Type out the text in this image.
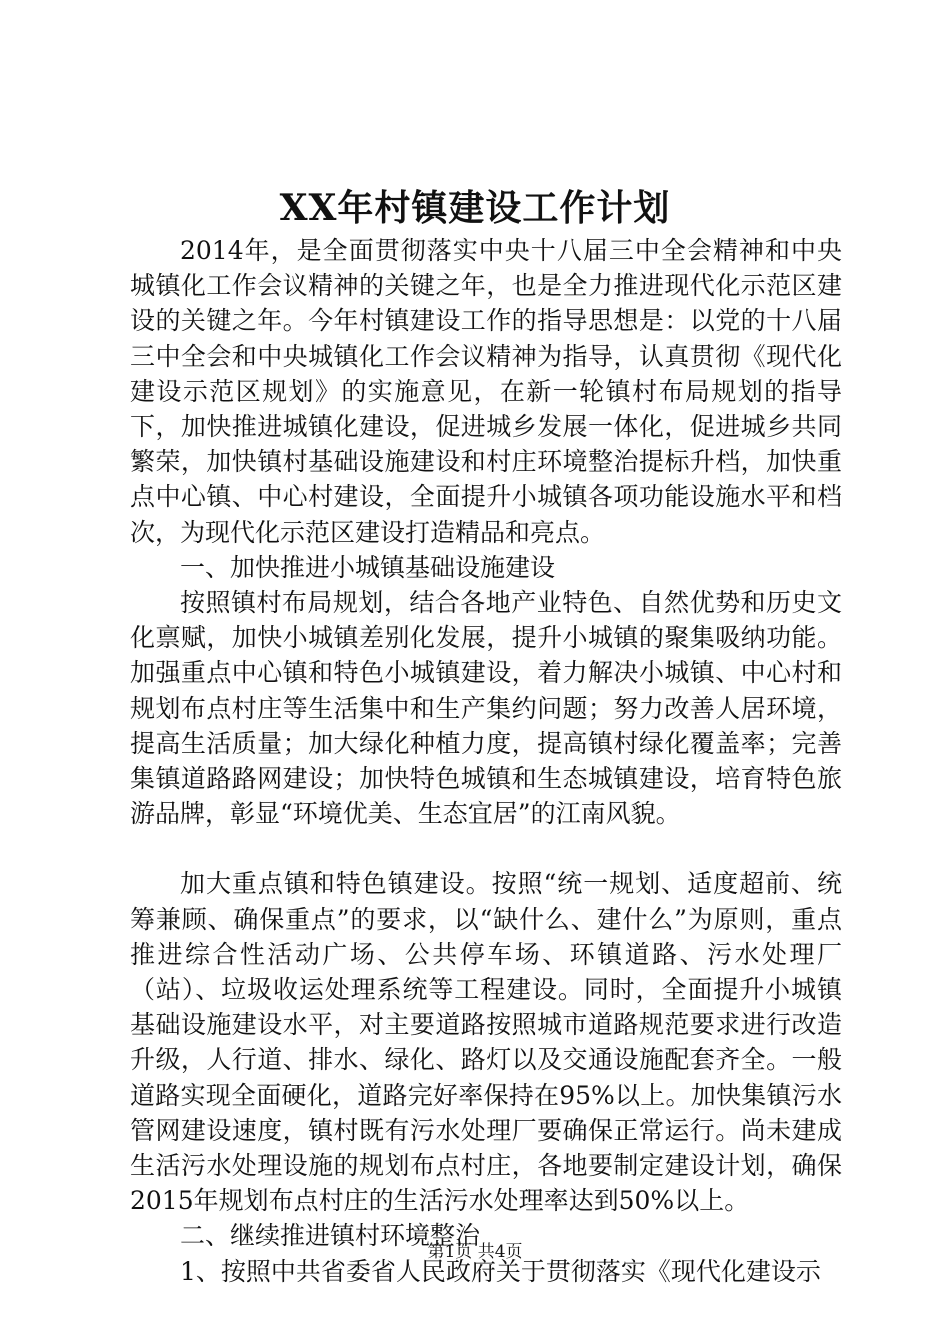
XX年村镇建设工作计划

2014年，是全面贯彻落实中央十八届三中全会精神和中央城镇化工作会议精神的关键之年，也是全力推进现代化示范区建设的关键之年。今年村镇建设工作的指导思想是：以党的十八届三中全会和中央城镇化工作会议精神为指导，认真贯彻《现代化建设示范区规划》的实施意见，在新一轮镇村布局规划的指导下，加快推进城镇化建设，促进城乡发展一体化，促进城乡共同繁荣，加快镇村基础设施建设和村庄环境整治提标升档，加快重点中心镇、中心村建设，全面提升小城镇各项功能设施水平和档次，为现代化示范区建设打造精品和亮点。

一、加快推进小城镇基础设施建设

按照镇村布局规划，结合各地产业特色、自然优势和历史文化禀赋，加快小城镇差别化发展，提升小城镇的聚集吸纳功能。加强重点中心镇和特色小城镇建设，着力解决小城镇、中心村和规划布点村庄等生活集中和生产集约问题；努力改善人居环境，提高生活质量；加大绿化种植力度，提高镇村绿化覆盖率；完善集镇道路路网建设；加快特色城镇和生态城镇建设，培育特色旅游品牌，彰显“环境优美、生态宜居”的江南风貌。

加大重点镇和特色镇建设。按照“统一规划、适度超前、统筹兼顾、确保重点”的要求，以“缺什么、建什么”为原则，重点推进综合性活动广场、公共停车场、环镇道路、污水处理厂（站）、垃圾收运处理系统等工程建设。同时，全面提升小城镇基础设施建设水平，对主要道路按照城市道路规范要求进行改造升级，人行道、排水、绿化、路灯以及交通设施配套齐全。一般道路实现全面硬化，道路完好率保持在95%以上。加快集镇污水管网建设速度，镇村既有污水处理厂要确保正常运行。尚未建成生活污水处理设施的规划布点村庄，各地要制定建设计划，确保2015年规划布点村庄的生活污水处理率达到50%以上。

二、继续推进镇村环境整治

1、按照中共省委省人民政府关于贯彻落实《现代化建设示

第1页 共4页
